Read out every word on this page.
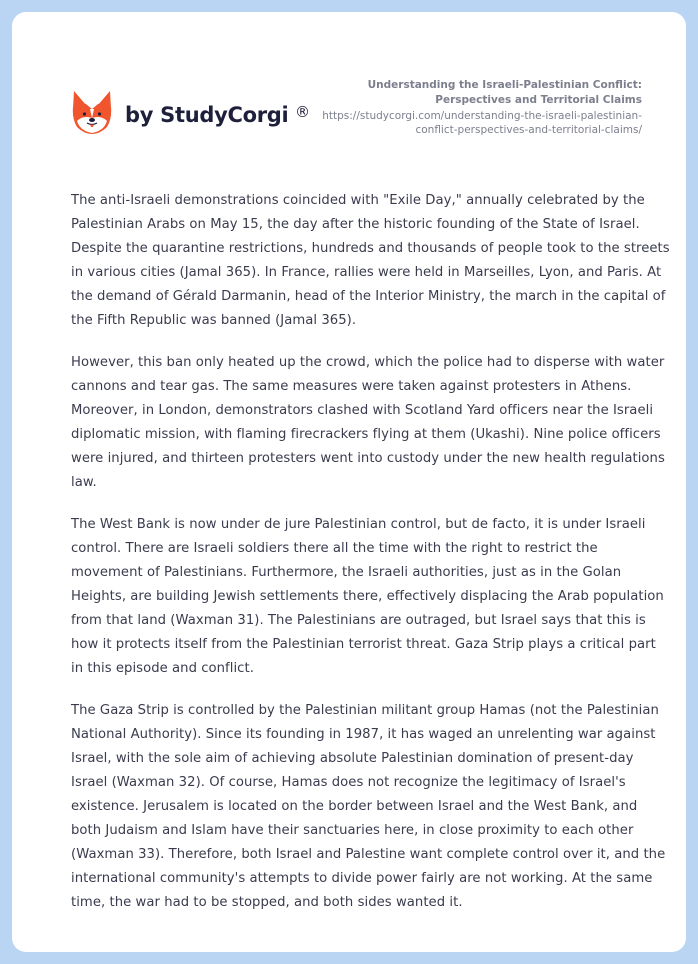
by StudyCorgi ®

Understanding the Israeli-Palestinian Conflict:
Perspectives and Territorial Claims

https://studycorgi.com/understanding-the-israeli-palestinian-
conflict-perspectives-and-territorial-claims/

The anti-Israeli demonstrations coincided with "Exile Day," annually celebrated by the Palestinian Arabs on May 15, the day after the historic founding of the State of Israel. Despite the quarantine restrictions, hundreds and thousands of people took to the streets in various cities (Jamal 365). In France, rallies were held in Marseilles, Lyon, and Paris. At the demand of Gérald Darmanin, head of the Interior Ministry, the march in the capital of the Fifth Republic was banned (Jamal 365).

However, this ban only heated up the crowd, which the police had to disperse with water cannons and tear gas. The same measures were taken against protesters in Athens. Moreover, in London, demonstrators clashed with Scotland Yard officers near the Israeli diplomatic mission, with flaming firecrackers flying at them (Ukashi). Nine police officers were injured, and thirteen protesters went into custody under the new health regulations law.

The West Bank is now under de jure Palestinian control, but de facto, it is under Israeli control. There are Israeli soldiers there all the time with the right to restrict the movement of Palestinians. Furthermore, the Israeli authorities, just as in the Golan Heights, are building Jewish settlements there, effectively displacing the Arab population from that land (Waxman 31). The Palestinians are outraged, but Israel says that this is how it protects itself from the Palestinian terrorist threat. Gaza Strip plays a critical part in this episode and conflict.

The Gaza Strip is controlled by the Palestinian militant group Hamas (not the Palestinian National Authority). Since its founding in 1987, it has waged an unrelenting war against Israel, with the sole aim of achieving absolute Palestinian domination of present-day Israel (Waxman 32). Of course, Hamas does not recognize the legitimacy of Israel's existence. Jerusalem is located on the border between Israel and the West Bank, and both Judaism and Islam have their sanctuaries here, in close proximity to each other (Waxman 33). Therefore, both Israel and Palestine want complete control over it, and the international community's attempts to divide power fairly are not working. At the same time, the war had to be stopped, and both sides wanted it.
